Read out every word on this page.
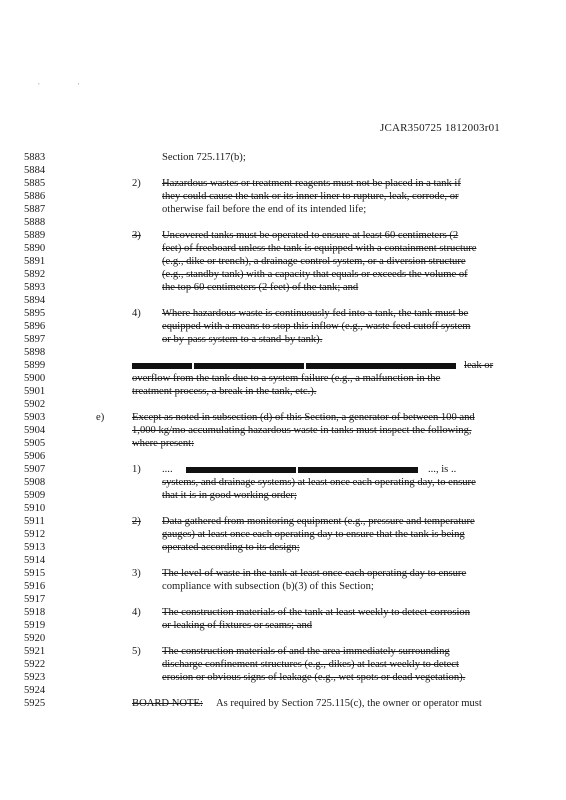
, ,
JCAR350725 1812003r01
5883	Section 725.117(b);
5884
5885	2) Hazardous wastes or treatment reagents must not be placed in a tank if
5886	they could cause the tank or its inner liner to rupture, leak, corrode, or
5887	otherwise fail before the end of its intended life;
5888
5889	3) Uncovered tanks must be operated to ensure at least 60 centimeters (2
5890	feet) of freeboard unless the tank is equipped with a containment structure
5891	(e.g., dike or trench), a drainage control system, or a diversion structure
5892	(e.g., standby tank) with a capacity that equals or exceeds the volume of
5893	the top 60 centimeters (2 feet) of the tank; and
5894
5895	4) Where hazardous waste is continuously fed into a tank, the tank must be
5896	equipped with a means to stop this inflow (e.g., waste feed cutoff system
5897	or by-pass system to a stand-by tank).
5898
5899	leak or
5900	overflow from the tank due to a system failure (e.g., a malfunction in the
5901	treatment process, a break in the tank, etc.).
5902
5903	e)	Except as noted in subsection (d) of this Section, a generator of between 100 and
5904	1,000 kg/mo accumulating hazardous waste in tanks must inspect the following,
5905	where present:
5906
5907	1) ....	..., is ..
5908	systems, and drainage systems) at least once each operating day, to ensure
5909	that it is in good working order;
5910
5911	2) Data gathered from monitoring equipment (e.g., pressure and temperature
5912	gauges) at least once each operating day to ensure that the tank is being
5913	operated according to its design;
5914
5915	3) The level of waste in the tank at least once each operating day to ensure
5916	compliance with subsection (b)(3) of this Section;
5917
5918	4) The construction materials of the tank at least weekly to detect corrosion
5919	or leaking of fixtures or seams; and
5920
5921	5) The construction materials of and the area immediately surrounding
5922	discharge confinement structures (e.g., dikes) at least weekly to detect
5923	erosion or obvious signs of leakage (e.g., wet spots or dead vegetation).
5924
5925	BOARD NOTE: As required by Section 725.115(c), the owner or operator must
